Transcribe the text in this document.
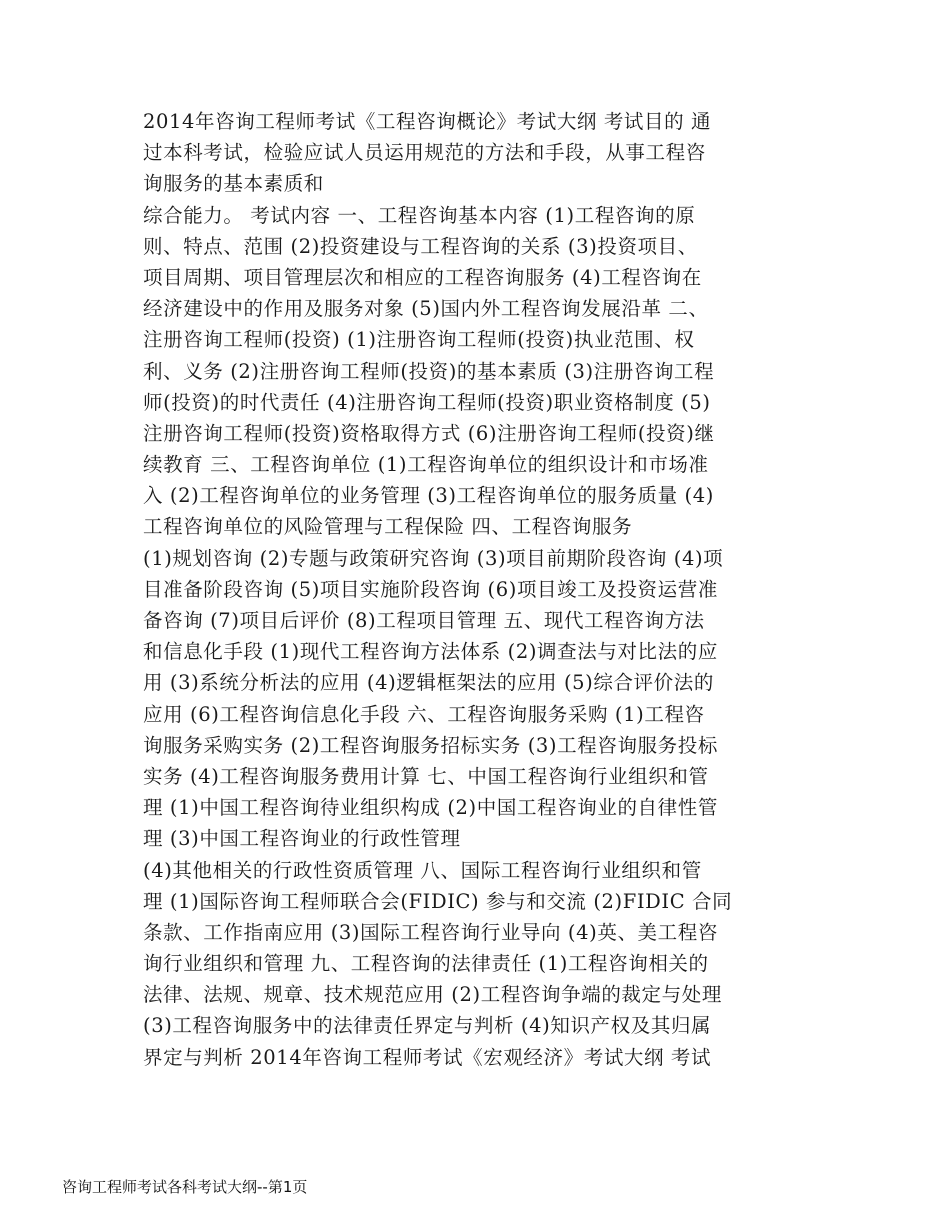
2014年咨询工程师考试《工程咨询概论》考试大纲 考试目的 通
过本科考试，检验应试人员运用规范的方法和手段，从事工程咨
询服务的基本素质和
综合能力。 考试内容 一、工程咨询基本内容 (1)工程咨询的原
则、特点、范围 (2)投资建设与工程咨询的关系 (3)投资项目、
项目周期、项目管理层次和相应的工程咨询服务 (4)工程咨询在
经济建设中的作用及服务对象 (5)国内外工程咨询发展沿革 二、
注册咨询工程师(投资) (1)注册咨询工程师(投资)执业范围、权
利、义务 (2)注册咨询工程师(投资)的基本素质 (3)注册咨询工程
师(投资)的时代责任 (4)注册咨询工程师(投资)职业资格制度 (5)
注册咨询工程师(投资)资格取得方式 (6)注册咨询工程师(投资)继
续教育 三、工程咨询单位 (1)工程咨询单位的组织设计和市场准
入 (2)工程咨询单位的业务管理 (3)工程咨询单位的服务质量 (4)
工程咨询单位的风险管理与工程保险 四、工程咨询服务
(1)规划咨询 (2)专题与政策研究咨询 (3)项目前期阶段咨询 (4)项
目准备阶段咨询 (5)项目实施阶段咨询 (6)项目竣工及投资运营准
备咨询 (7)项目后评价 (8)工程项目管理 五、现代工程咨询方法
和信息化手段 (1)现代工程咨询方法体系 (2)调查法与对比法的应
用 (3)系统分析法的应用 (4)逻辑框架法的应用 (5)综合评价法的
应用 (6)工程咨询信息化手段 六、工程咨询服务采购 (1)工程咨
询服务采购实务 (2)工程咨询服务招标实务 (3)工程咨询服务投标
实务 (4)工程咨询服务费用计算 七、中国工程咨询行业组织和管
理 (1)中国工程咨询待业组织构成 (2)中国工程咨询业的自律性管
理 (3)中国工程咨询业的行政性管理
(4)其他相关的行政性资质管理 八、国际工程咨询行业组织和管
理 (1)国际咨询工程师联合会(FIDIC) 参与和交流 (2)FIDIC 合同
条款、工作指南应用 (3)国际工程咨询行业导向 (4)英、美工程咨
询行业组织和管理 九、工程咨询的法律责任 (1)工程咨询相关的
法律、法规、规章、技术规范应用 (2)工程咨询争端的裁定与处理
(3)工程咨询服务中的法律责任界定与判析 (4)知识产权及其归属
界定与判析 2014年咨询工程师考试《宏观经济》考试大纲 考试
咨询工程师考试各科考试大纲--第1页
